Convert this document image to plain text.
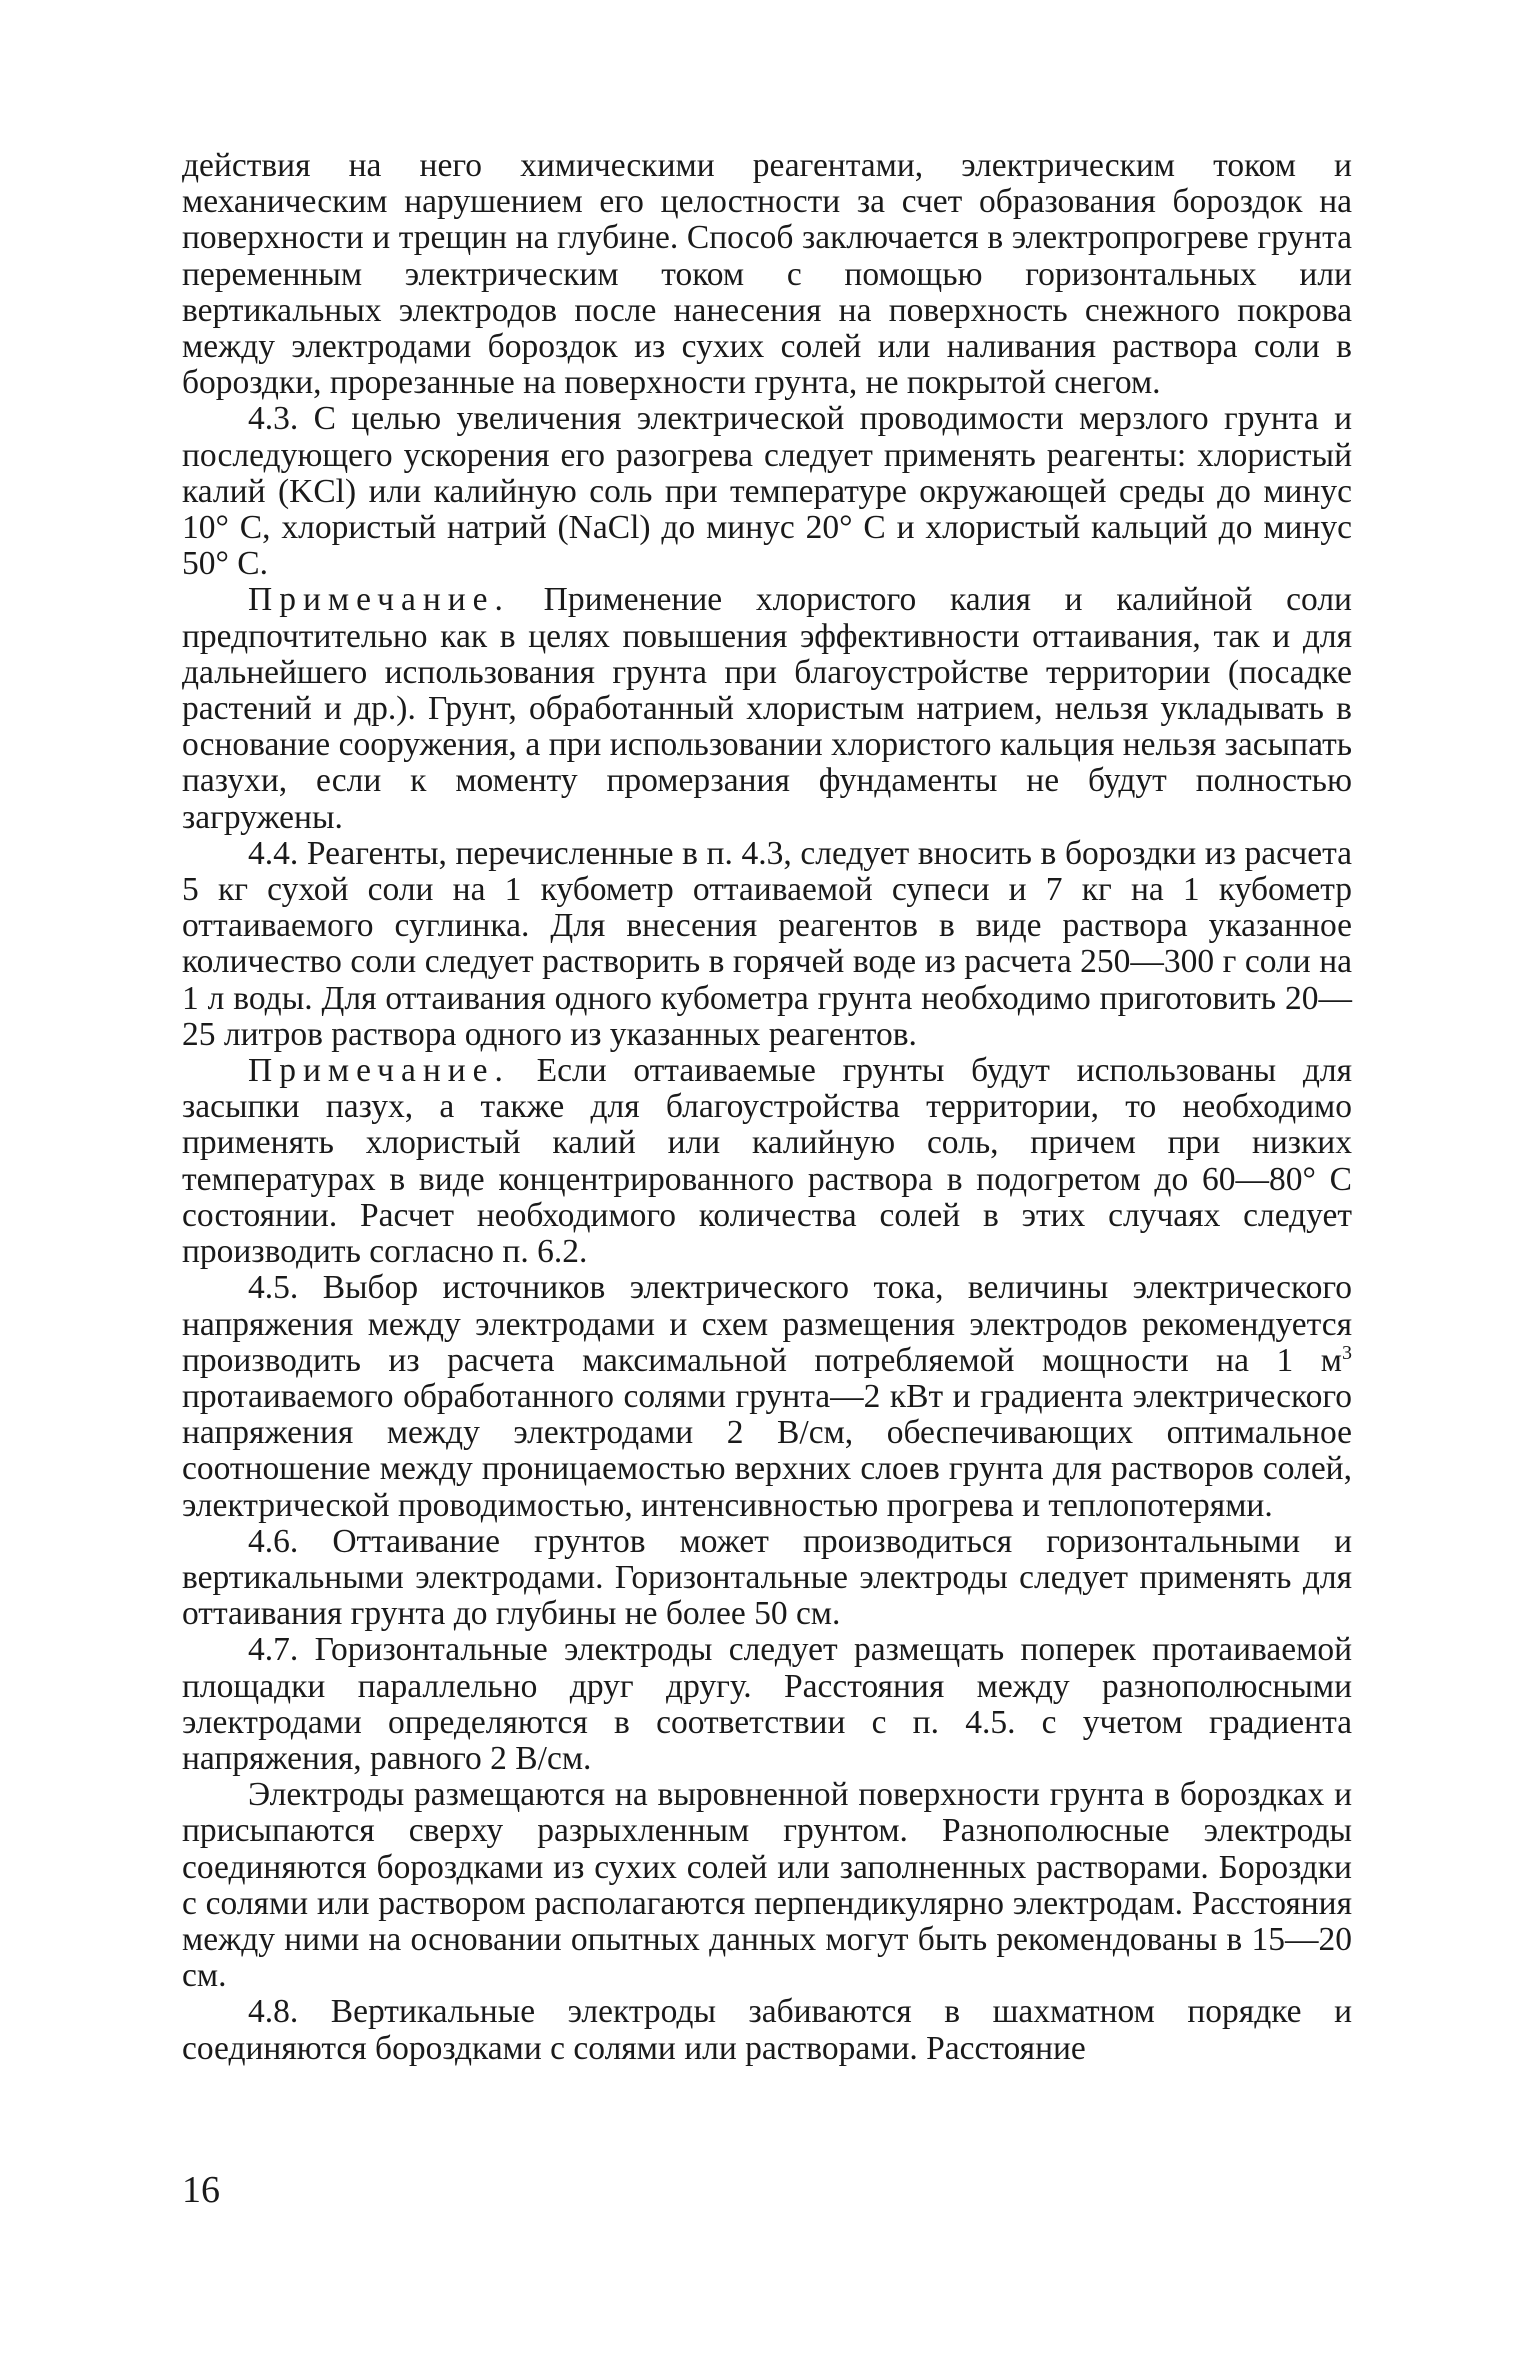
действия на него химическими реагентами, электрическим током и механическим нарушением его целостности за счет образования бороздок на поверхности и трещин на глубине. Способ заключается в электропрогреве грунта переменным электрическим током с помощью горизонтальных или вертикальных электродов после нанесения на поверхность снежного покрова между электродами бороздок из сухих солей или наливания раствора соли в бороздки, прорезанные на поверхности грунта, не покрытой снегом.

4.3. С целью увеличения электрической проводимости мерзлого грунта и последующего ускорения его разогрева следует применять реагенты: хлористый калий (KCl) или калийную соль при температуре окружающей среды до минус 10° С, хлористый натрий (NaCl) до минус 20° С и хлористый кальций до минус 50° С.

Примечание. Применение хлористого калия и калийной соли предпочтительно как в целях повышения эффективности оттаивания, так и для дальнейшего использования грунта при благоустройстве территории (посадке растений и др.). Грунт, обработанный хлористым натрием, нельзя укладывать в основание сооружения, а при использовании хлористого кальция нельзя засыпать пазухи, если к моменту промерзания фундаменты не будут полностью загружены.

4.4. Реагенты, перечисленные в п. 4.3, следует вносить в бороздки из расчета 5 кг сухой соли на 1 кубометр оттаиваемой супеси и 7 кг на 1 кубометр оттаиваемого суглинка. Для внесения реагентов в виде раствора указанное количество соли следует растворить в горячей воде из расчета 250—300 г соли на 1 л воды. Для оттаивания одного кубометра грунта необходимо приготовить 20—25 литров раствора одного из указанных реагентов.

Примечание. Если оттаиваемые грунты будут использованы для засыпки пазух, а также для благоустройства территории, то необходимо применять хлористый калий или калийную соль, причем при низких температурах в виде концентрированного раствора в подогретом до 60—80° С состоянии. Расчет необходимого количества солей в этих случаях следует производить согласно п. 6.2.

4.5. Выбор источников электрического тока, величины электрического напряжения между электродами и схем размещения электродов рекомендуется производить из расчета максимальной потребляемой мощности на 1 $м^3$ протаиваемого обработанного солями грунта—2 кВт и градиента электрического напряжения между электродами 2 В/см, обеспечивающих оптимальное соотношение между проницаемостью верхних слоев грунта для растворов солей, электрической проводимостью, интенсивностью прогрева и теплопотерями.

4.6. Оттаивание грунтов может производиться горизонтальными и вертикальными электродами. Горизонтальные электроды следует применять для оттаивания грунта до глубины не более 50 см.

4.7. Горизонтальные электроды следует размещать поперек протаиваемой площадки параллельно друг другу. Расстояния между разнополюсными электродами определяются в соответствии с п. 4.5. с учетом градиента напряжения, равного 2 В/см.

Электроды размещаются на выровненной поверхности грунта в бороздках и присыпаются сверху разрыхленным грунтом. Разнополюсные электроды соединяются бороздками из сухих солей или заполненных растворами. Бороздки с солями или раствором располагаются перпендикулярно электродам. Расстояния между ними на основании опытных данных могут быть рекомендованы в 15—20 см.

4.8. Вертикальные электроды забиваются в шахматном порядке и соединяются бороздками с солями или растворами. Расстояние

16
